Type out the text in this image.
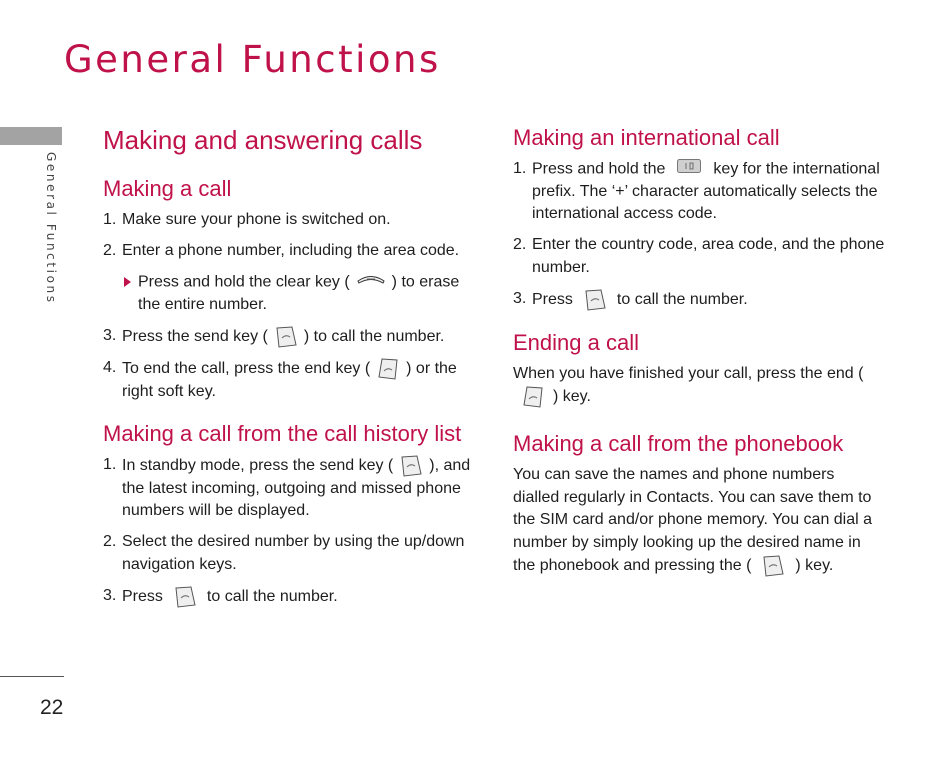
General Functions
General Functions
22
Making and answering calls
Making a call
1. Make sure your phone is switched on.
2. Enter a phone number, including the area code.
Press and hold the clear key (	) to erase the entire number.
3. Press the send key ( ) to call the number.
4. To end the call, press the end key ( ) or the right soft key.
Making a call from the call history list
1. In standby mode, press the send key ( ), and the latest incoming, outgoing and missed phone numbers will be displayed.
2. Select the desired number by using the up/down navigation keys.
3. Press	to call the number.
Making an international call
1. Press and hold the	key for the international prefix. The ‘+’ character automatically selects the international access code.
2. Enter the country code, area code, and the phone number.
3. Press	to call the number.
Ending a call

When you have finished your call, press the end (
) key.

Making a call from the phonebook

You can save the names and phone numbers dialled regularly in Contacts. You can save them to the SIM card and/or phone memory. You can dial a number by simply looking up the desired name in the phonebook and pressing the (	) key.
